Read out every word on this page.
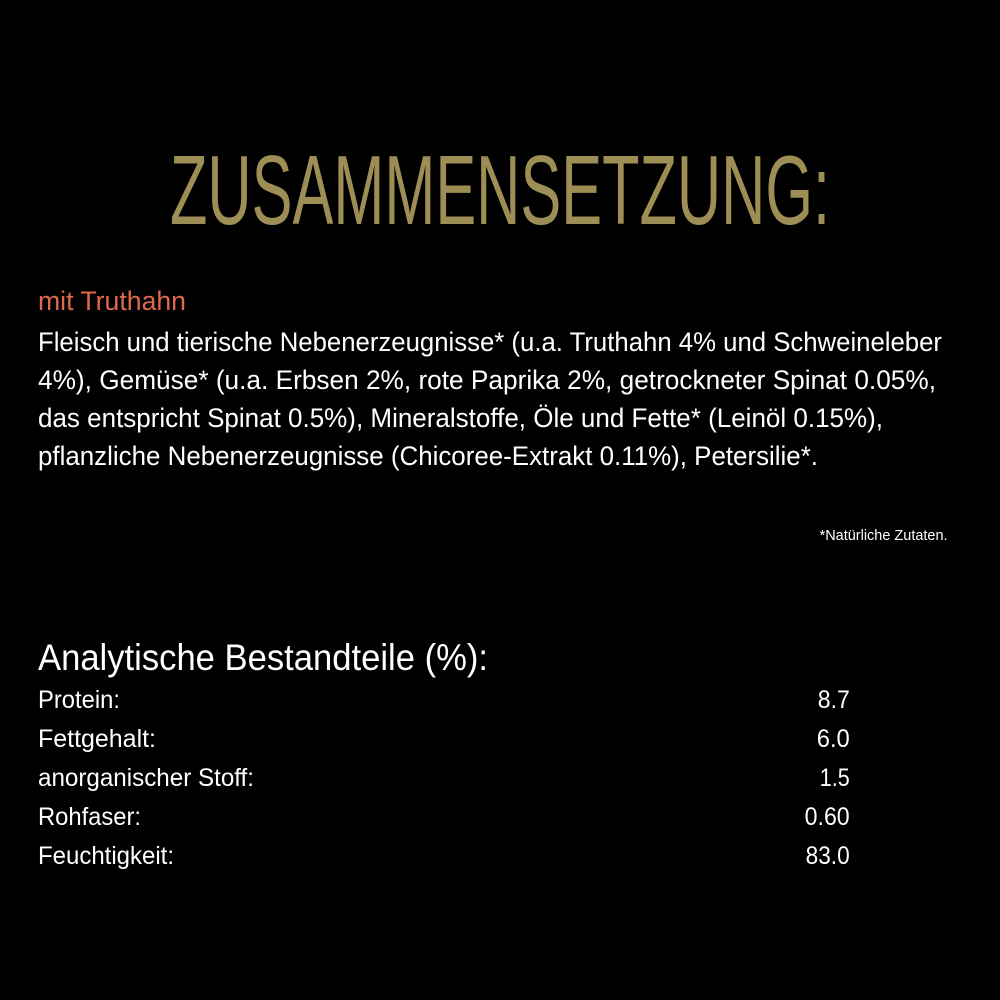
ZUSAMMENSETZUNG:
mit Truthahn
Fleisch und tierische Nebenerzeugnisse* (u.a. Truthahn 4% und Schweineleber
4%), Gemüse* (u.a. Erbsen 2%, rote Paprika 2%, getrockneter Spinat 0.05%,
das entspricht Spinat 0.5%), Mineralstoffe, Öle und Fette* (Leinöl 0.15%),
pflanzliche Nebenerzeugnisse (Chicoree-Extrakt 0.11%), Petersilie*.
*Natürliche Zutaten.
Analytische Bestandteile (%):
Protein:	8.7
Fettgehalt:	6.0
anorganischer Stoff:	1.5
Rohfaser:	0.60
Feuchtigkeit:	83.0
